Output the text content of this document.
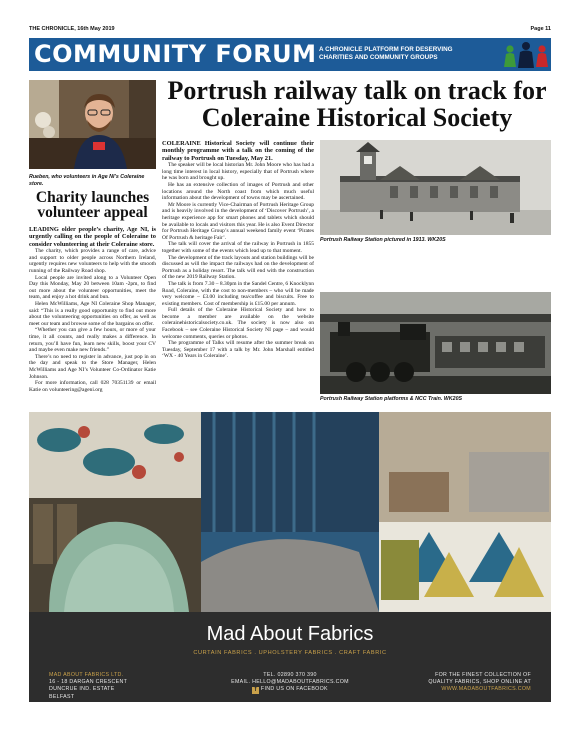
THE CHRONICLE, 16th May 2019	Page 11
COMMUNITY FORUM A CHRONICLE PLATFORM FOR DESERVING
CHARITIES AND COMMUNITY GROUPS
Rueben, who volunteers in Age NI’s Coleraine store.
Charity launches volunteer appeal

LEADING older people’s charity, Age NI, is urgently calling on the people of Coleraine to consider volunteering at their Coleraine store.

The charity, which provides a range of care, advice and support to older people across Northern Ireland, urgently requires new volunteers to help with the smooth running of the Railway Road shop.

Local people are invited along to a Volunteer Open Day this Monday, May 20 between 10am -2pm, to find out more about the volunteer opportunities, meet the team, and enjoy a hot drink and bun.

Helen McWilliams, Age NI Coleraine Shop Manager, said: “This is a really good opportunity to find out more about the volunteering opportunities on offer, as well as meet our team and browse some of the bargains on offer.

“Whether you can give a few hours, or more of your time, it all counts, and really makes a difference. In return, you’ll have fun, learn new skills, boost your CV and maybe even make new friends.”

There’s no need to register in advance, just pop in on the day and speak to the Store Manager, Helen McWilliams and Age NI’s Volunteer Co-Ordinator Katie Johnson.

For more information, call 028 70351139 or email Katie on volunteering@ageni.org

Portrush railway talk on track for Coleraine Historical Society

COLERAINE Historical Society will continue their monthly programme with a talk on the coming of the railway to Portrush on Tuesday, May 21.

The speaker will be local historian Mr. John Moore who has had a long time interest in local history, especially that of Portrush where he was born and brought up.

He has an extensive collection of images of Portrush and other locations around the North coast from which much useful information about the development of towns may be ascertained.

Mr Moore is currently Vice-Chairman of Portrush Heritage Group and is heavily involved in the development of ‘Discover Portrush’, a heritage experience app for smart phones and tablets which should be available to locals and visitors this year. He is also Event Director for Portrush Heritage Group’s annual weekend family event ‘Pirates Of Portrush & heritage Fair’.

The talk will cover the arrival of the railway in Portrush in 1855 together with some of the events which lead up to that moment.

The development of the track layouts and station buildings will be discussed as will the impact the railways had on the development of Portrush as a holiday resort. The talk will end with the construction of the new 2019 Railway Station.

The talk is from 7.30 – 8.30pm in the Sandel Centre, 6 Knocklynn Road, Coleraine, with the cost to non-members – who will be made very welcome – £3.00 including tea/coffee and biscuits. Free to existing members. Cost of membership is £15.00 per annum.

Full details of the Coleraine Historical Society and how to become a member are available on the website colerainehistoricalsociety.co.uk. The society is now also on Facebook – see Coleraine Historical Society NI page – and would welcome comments, queries or photos.

The programme of Talks will resume after the summer break on Tuesday, September 17 with a talk by Mr. John Marshall entitled ‘WX - 40 Years in Coleraine’.

Portrush Railway Station pictured in 1913. WK20S
Portrush Railway Station platforms & NCC Train. WK20S
Mad About Fabrics
CURTAIN FABRICS . UPHOLSTERY FABRICS . CRAFT FABRIC
MAD ABOUT FABRICS LTD.
16 - 18 DARGAN CRESCENT
DUNCRUE IND. ESTATE
BELFAST
TEL. 02890 370 390
EMAIL. HELLO@MADABOUTFABRICS.COM
f FIND US ON FACEBOOK
FOR THE FINEST COLLECTION OF
QUALITY FABRICS, SHOP ONLINE AT
WWW.MADABOUTFABRICS.COM
